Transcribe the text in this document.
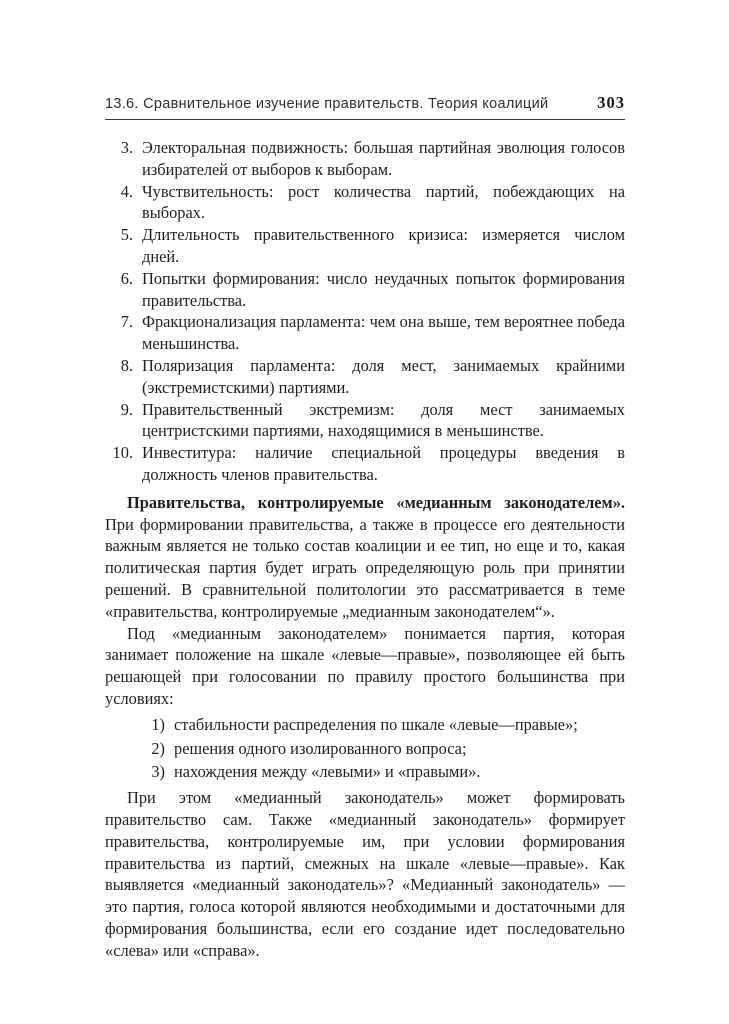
13.6. Сравнительное изучение правительств. Теория коалиций	303
3. Электоральная подвижность: большая партийная эволюция голосов избирателей от выборов к выборам.
4. Чувствительность: рост количества партий, побеждающих на выборах.
5. Длительность правительственного кризиса: измеряется числом дней.
6. Попытки формирования: число неудачных попыток формирования правительства.
7. Фракционализация парламента: чем она выше, тем вероятнее победа меньшинства.
8. Поляризация парламента: доля мест, занимаемых крайними (экстремистскими) партиями.
9. Правительственный экстремизм: доля мест занимаемых центристскими партиями, находящимися в меньшинстве.
10. Инвеститура: наличие специальной процедуры введения в должность членов правительства.

Правительства, контролируемые «медианным законодателем». При формировании правительства, а также в процессе его деятельности важным является не только состав коалиции и ее тип, но еще и то, какая политическая партия будет играть определяющую роль при принятии решений. В сравнительной политологии это рассматривается в теме «правительства, контролируемые „медианным законодателем“».

Под «медианным законодателем» понимается партия, которая занимает положение на шкале «левые—правые», позволяющее ей быть решающей при голосовании по правилу простого большинства при условиях:

1) стабильности распределения по шкале «левые—правые»;
2) решения одного изолированного вопроса;
3) нахождения между «левыми» и «правыми».

При этом «медианный законодатель» может формировать правительство сам. Также «медианный законодатель» формирует правительства, контролируемые им, при условии формирования правительства из партий, смежных на шкале «левые—правые». Как выявляется «медианный законодатель»? «Медианный законодатель» — это партия, голоса которой являются необходимыми и достаточными для формирования большинства, если его создание идет последовательно «слева» или «справа».
